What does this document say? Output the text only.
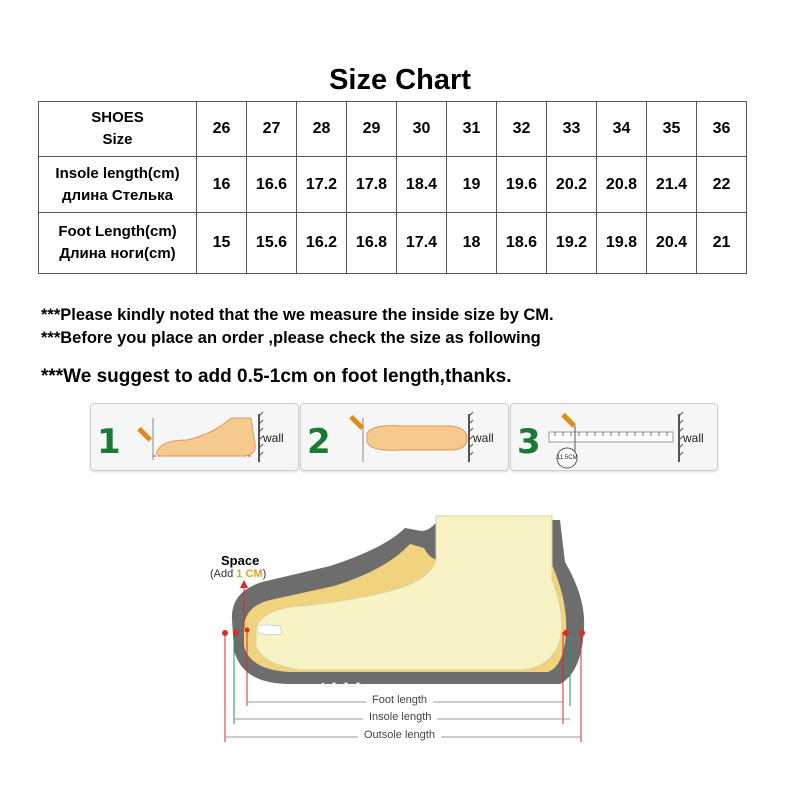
Size Chart
SHOES
Size	26	27	28	29	30	31	32	33	34	35	36

Insole length(cm)
длина Стелька	16	16.6	17.2	17.8	18.4	19	19.6	20.2	20.8	21.4	22

Foot Length(cm)
Длина ноги(cm)	15	15.6	16.2	16.8	17.4	18	18.6	19.2	19.8	20.4	21
***Please kindly noted that the we measure the inside size by CM.
***Before you place an order ,please check the size as following
***We suggest to add 0.5-1cm on foot length,thanks.
1	wall 2	wall 3	11.5CM
wall
Space
(Add 1 CM)
Foot length
Insole length
Outsole length
